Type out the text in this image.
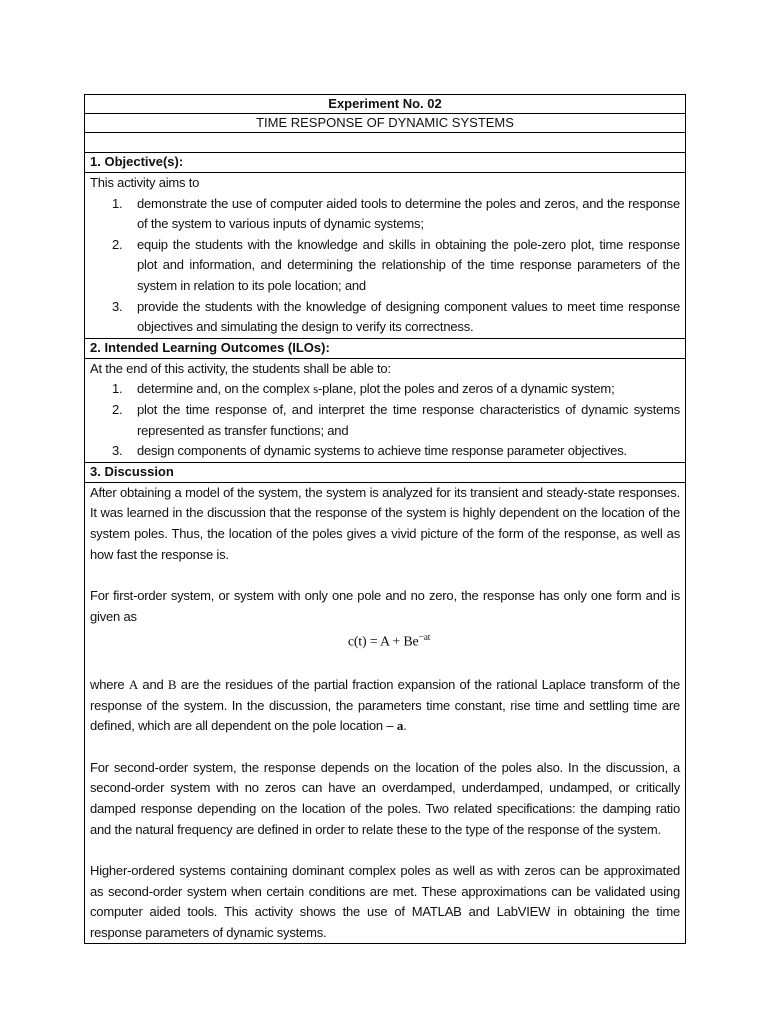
Experiment No. 02
TIME RESPONSE OF DYNAMIC SYSTEMS
1. Objective(s):

This activity aims to

1. demonstrate the use of computer aided tools to determine the poles and zeros, and the response of the system to various inputs of dynamic systems;
2. equip the students with the knowledge and skills in obtaining the pole-zero plot, time response plot and information, and determining the relationship of the time response parameters of the system in relation to its pole location; and
3. provide the students with the knowledge of designing component values to meet time response objectives and simulating the design to verify its correctness.
2. Intended Learning Outcomes (ILOs):

At the end of this activity, the students shall be able to:

1. determine and, on the complex s-plane, plot the poles and zeros of a dynamic system;
2. plot the time response of, and interpret the time response characteristics of dynamic systems represented as transfer functions; and
3. design components of dynamic systems to achieve time response parameter objectives.
3. Discussion

After obtaining a model of the system, the system is analyzed for its transient and steady-state responses. It was learned in the discussion that the response of the system is highly dependent on the location of the system poles. Thus, the location of the poles gives a vivid picture of the form of the response, as well as how fast the response is.

For first-order system, or system with only one pole and no zero, the response has only one form and is given as

$c(t) = A + Be^{-at}$

where A and B are the residues of the partial fraction expansion of the rational Laplace transform of the response of the system. In the discussion, the parameters time constant, rise time and settling time are defined, which are all dependent on the pole location – a.

For second-order system, the response depends on the location of the poles also. In the discussion, a second-order system with no zeros can have an overdamped, underdamped, undamped, or critically damped response depending on the location of the poles. Two related specifications: the damping ratio and the natural frequency are defined in order to relate these to the type of the response of the system.

Higher-ordered systems containing dominant complex poles as well as with zeros can be approximated as second-order system when certain conditions are met. These approximations can be validated using computer aided tools. This activity shows the use of MATLAB and LabVIEW in obtaining the time response parameters of dynamic systems.
